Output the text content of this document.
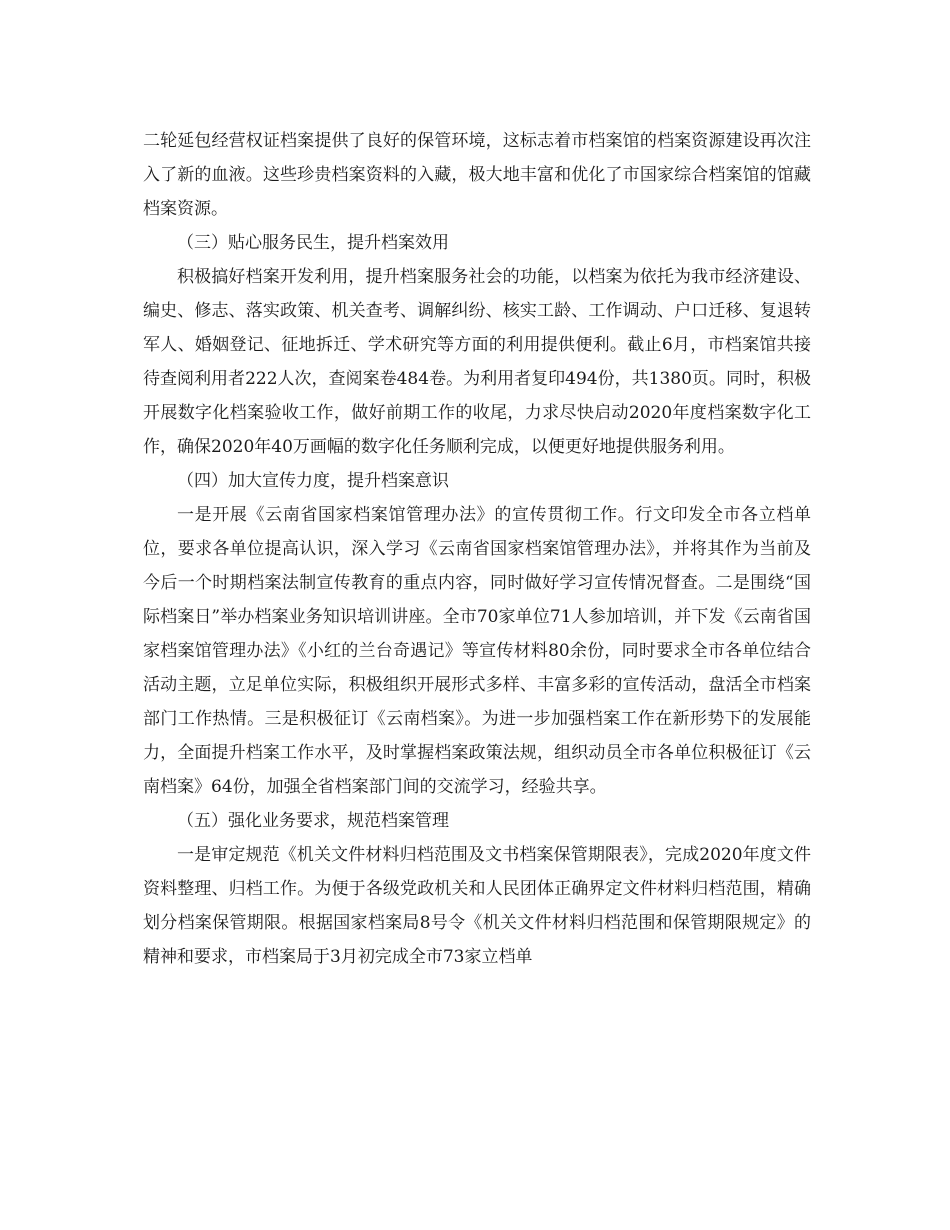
二轮延包经营权证档案提供了良好的保管环境，这标志着市档案馆的档案资源建设再次注入了新的血液。这些珍贵档案资料的入藏，极大地丰富和优化了市国家综合档案馆的馆藏档案资源。

（三）贴心服务民生，提升档案效用

积极搞好档案开发利用，提升档案服务社会的功能，以档案为依托为我市经济建设、编史、修志、落实政策、机关查考、调解纠纷、核实工龄、工作调动、户口迁移、复退转军人、婚姻登记、征地拆迁、学术研究等方面的利用提供便利。截止6月，市档案馆共接待查阅利用者222人次，查阅案卷484卷。为利用者复印494份，共1380页。同时，积极开展数字化档案验收工作，做好前期工作的收尾，力求尽快启动2020年度档案数字化工作，确保2020年40万画幅的数字化任务顺利完成，以便更好地提供服务利用。

（四）加大宣传力度，提升档案意识

一是开展《云南省国家档案馆管理办法》的宣传贯彻工作。行文印发全市各立档单位，要求各单位提高认识，深入学习《云南省国家档案馆管理办法》，并将其作为当前及今后一个时期档案法制宣传教育的重点内容，同时做好学习宣传情况督查。二是围绕“国际档案日”举办档案业务知识培训讲座。全市70家单位71人参加培训，并下发《云南省国家档案馆管理办法》《小红的兰台奇遇记》等宣传材料80余份，同时要求全市各单位结合活动主题，立足单位实际，积极组织开展形式多样、丰富多彩的宣传活动，盘活全市档案部门工作热情。三是积极征订《云南档案》。为进一步加强档案工作在新形势下的发展能力，全面提升档案工作水平，及时掌握档案政策法规，组织动员全市各单位积极征订《云南档案》64份，加强全省档案部门间的交流学习，经验共享。

（五）强化业务要求，规范档案管理

一是审定规范《机关文件材料归档范围及文书档案保管期限表》，完成2020年度文件资料整理、归档工作。为便于各级党政机关和人民团体正确界定文件材料归档范围，精确划分档案保管期限。根据国家档案局8号令《机关文件材料归档范围和保管期限规定》的精神和要求，市档案局于3月初完成全市73家立档单
